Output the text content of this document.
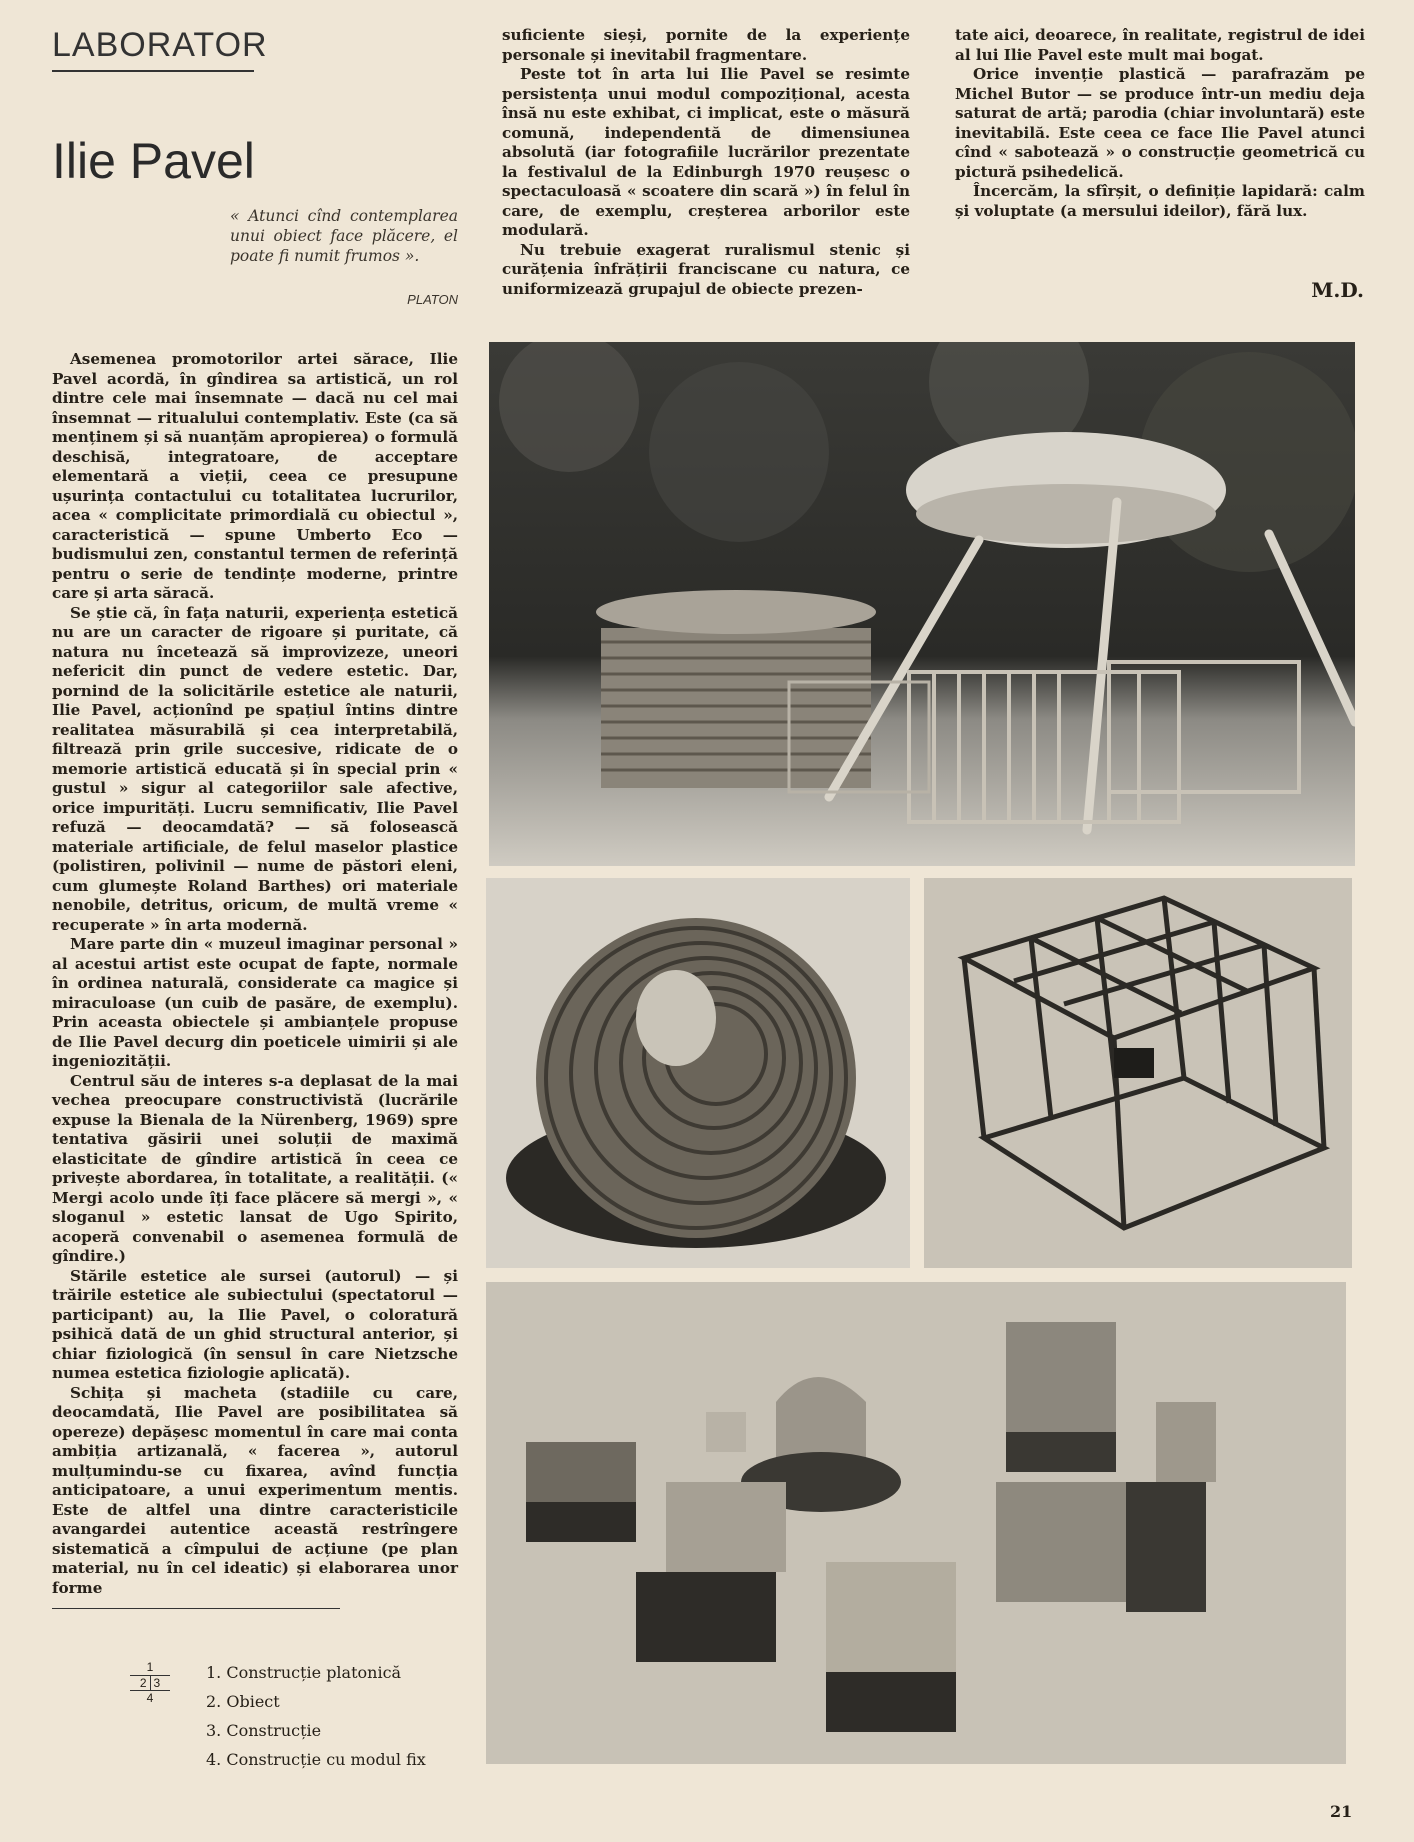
LABORATOR
Ilie Pavel
« Atunci cînd contemplarea unui obiect face plăcere, el poate fi numit frumos ».
PLATON

Asemenea promotorilor artei sărace, Ilie Pavel acordă, în gîndirea sa artistică, un rol dintre cele mai însemnate — dacă nu cel mai însemnat — ritualului contemplativ. Este (ca să menținem și să nuanțăm apropierea) o formulă deschisă, integratoare, de acceptare elementară a vieții, ceea ce presupune ușurința contactului cu totalitatea lucrurilor, acea « complicitate primordială cu obiectul », caracteristică — spune Umberto Eco — budismului zen, constantul termen de referință pentru o serie de tendințe moderne, printre care și arta săracă.

Se știe că, în fața naturii, experiența estetică nu are un caracter de rigoare și puritate, că natura nu încetează să improvizeze, uneori nefericit din punct de vedere estetic. Dar, pornind de la solicitările estetice ale naturii, Ilie Pavel, acționînd pe spațiul întins dintre realitatea măsurabilă și cea interpretabilă, filtrează prin grile succesive, ridicate de o memorie artistică educată și în special prin « gustul » sigur al categoriilor sale afective, orice impurități. Lucru semnificativ, Ilie Pavel refuză — deocamdată? — să folosească materiale artificiale, de felul maselor plastice (polistiren, polivinil — nume de păstori eleni, cum glumește Roland Barthes) ori materiale nenobile, detritus, oricum, de multă vreme « recuperate » în arta modernă.

Mare parte din « muzeul imaginar personal » al acestui artist este ocupat de fapte, normale în ordinea naturală, considerate ca magice și miraculoase (un cuib de pasăre, de exemplu). Prin aceasta obiectele și ambianțele propuse de Ilie Pavel decurg din poeticele uimirii și ale ingeniozității.

Centrul său de interes s-a deplasat de la mai vechea preocupare constructivistă (lucrările expuse la Bienala de la Nürenberg, 1969) spre tentativa găsirii unei soluții de maximă elasticitate de gîndire artistică în ceea ce privește abordarea, în totalitate, a realității. (« Mergi acolo unde îți face plăcere să mergi », « sloganul » estetic lansat de Ugo Spirito, acoperă convenabil o asemenea formulă de gîndire.)

Stările estetice ale sursei (autorul) — și trăirile estetice ale subiectului (spectatorul — participant) au, la Ilie Pavel, o coloratură psihică dată de un ghid structural anterior, și chiar fiziologică (în sensul în care Nietzsche numea estetica fiziologie aplicată).

Schița și macheta (stadiile cu care, deocamdată, Ilie Pavel are posibilitatea să opereze) depășesc momentul în care mai conta ambiția artizanală, « facerea », autorul mulțumindu-se cu fixarea, avînd funcția anticipatoare, a unui experimentum mentis. Este de altfel una dintre caracteristicile avangardei autentice această restrîngere sistematică a cîmpului de acțiune (pe plan material, nu în cel ideatic) și elaborarea unor forme

suficiente sieși, pornite de la experiențe personale și inevitabil fragmentare.

Peste tot în arta lui Ilie Pavel se resimte persistența unui modul compozițional, acesta însă nu este exhibat, ci implicat, este o măsură comună, independentă de dimensiunea absolută (iar fotografiile lucrărilor prezentate la festivalul de la Edinburgh 1970 reușesc o spectaculoasă « scoatere din scară ») în felul în care, de exemplu, creșterea arborilor este modulară.

Nu trebuie exagerat ruralismul stenic și curățenia înfrățirii franciscane cu natura, ce uniformizează grupajul de obiecte prezen-

tate aici, deoarece, în realitate, registrul de idei al lui Ilie Pavel este mult mai bogat.

Orice invenție plastică — parafrazăm pe Michel Butor — se produce într-un mediu deja saturat de artă; parodia (chiar involuntară) este inevitabilă. Este ceea ce face Ilie Pavel atunci cînd « sabotează » o construcție geometrică cu pictură psihedelică.

Încercăm, la sfîrșit, o definiție lapidară: calm și voluptate (a mersului ideilor), fără lux.

M.D.
1
2 3
4
1. Construcție platonică
2. Obiect
3. Construcție
4. Construcție cu modul fix
21
